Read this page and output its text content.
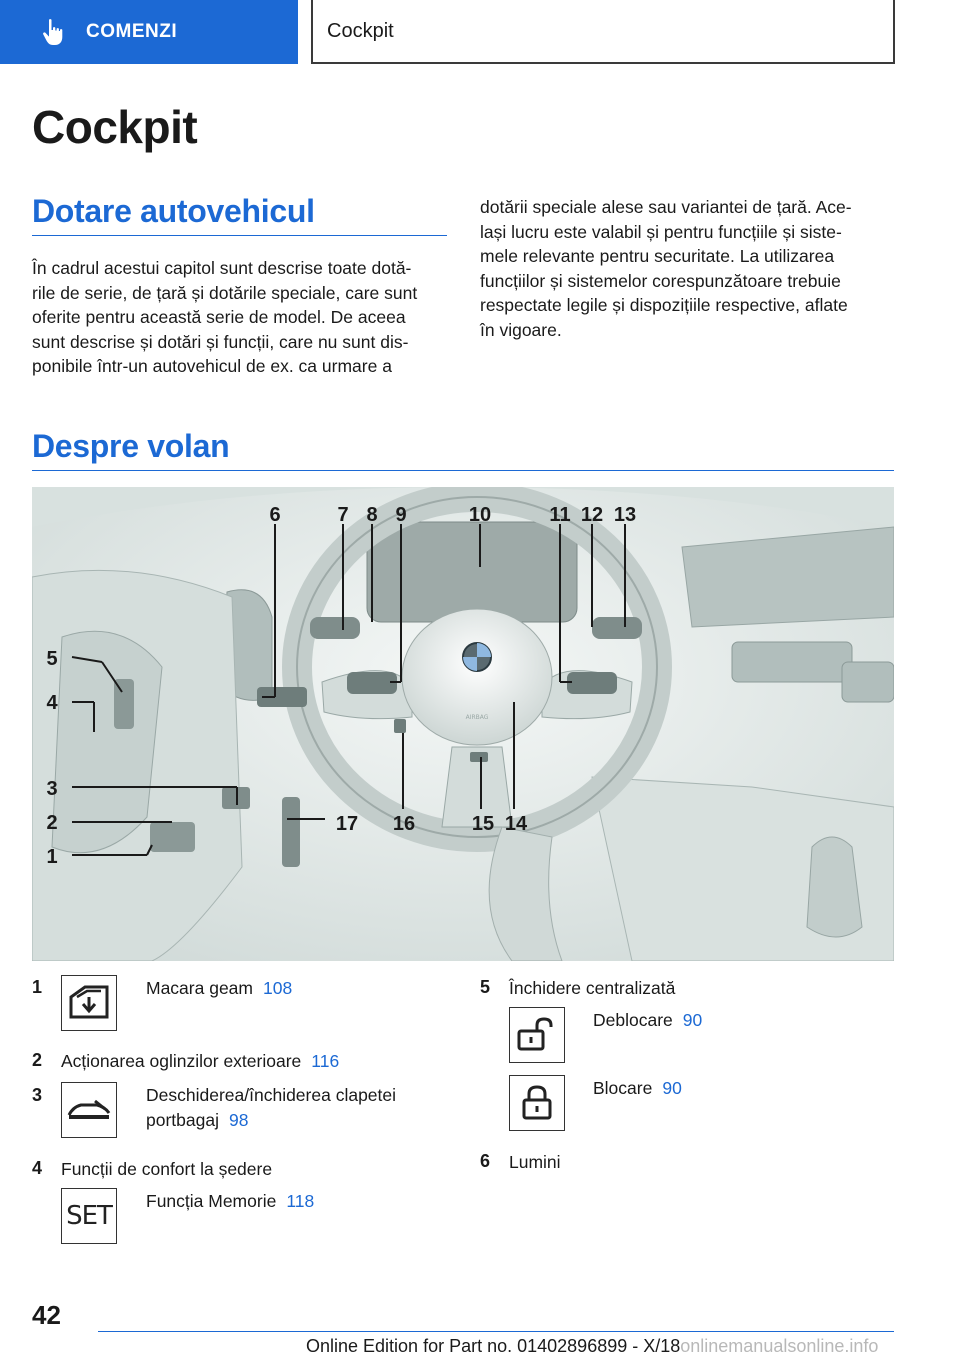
COMENZI	Cockpit
Cockpit
Dotare autovehicul
În cadrul acestui capitol sunt descrise toate dotă-
rile de serie, de țară și dotările speciale, care sunt
oferite pentru această serie de model. De aceea
sunt descrise și dotări și funcții, care nu sunt dis-
ponibile într-un autovehicul de ex. ca urmare a
dotării speciale alese sau variantei de țară. Ace-
lași lucru este valabil și pentru funcțiile și siste-
mele relevante pentru securitate. La utilizarea
funcțiilor și sistemelor corespunzătoare trebuie
respectate legile și dispozițiile respective, aflate
în vigoare.
Despre volan
AIRBAG
6	7 8 9	10	11 12 13
5
4
3
2
1
17 16	15 14
1	Macara geam 108
2 Acționarea oglinzilor exterioare 116
3	Deschiderea/închiderea clapetei
portbagaj 98
4 Funcții de confort la ședere
SET Funcția Memorie 118
5 Închidere centralizată
Deblocare 90
Blocare 90
6 Lumini
42
Online Edition for Part no. 01402896899 - X/18onlinemanualsonline.info
